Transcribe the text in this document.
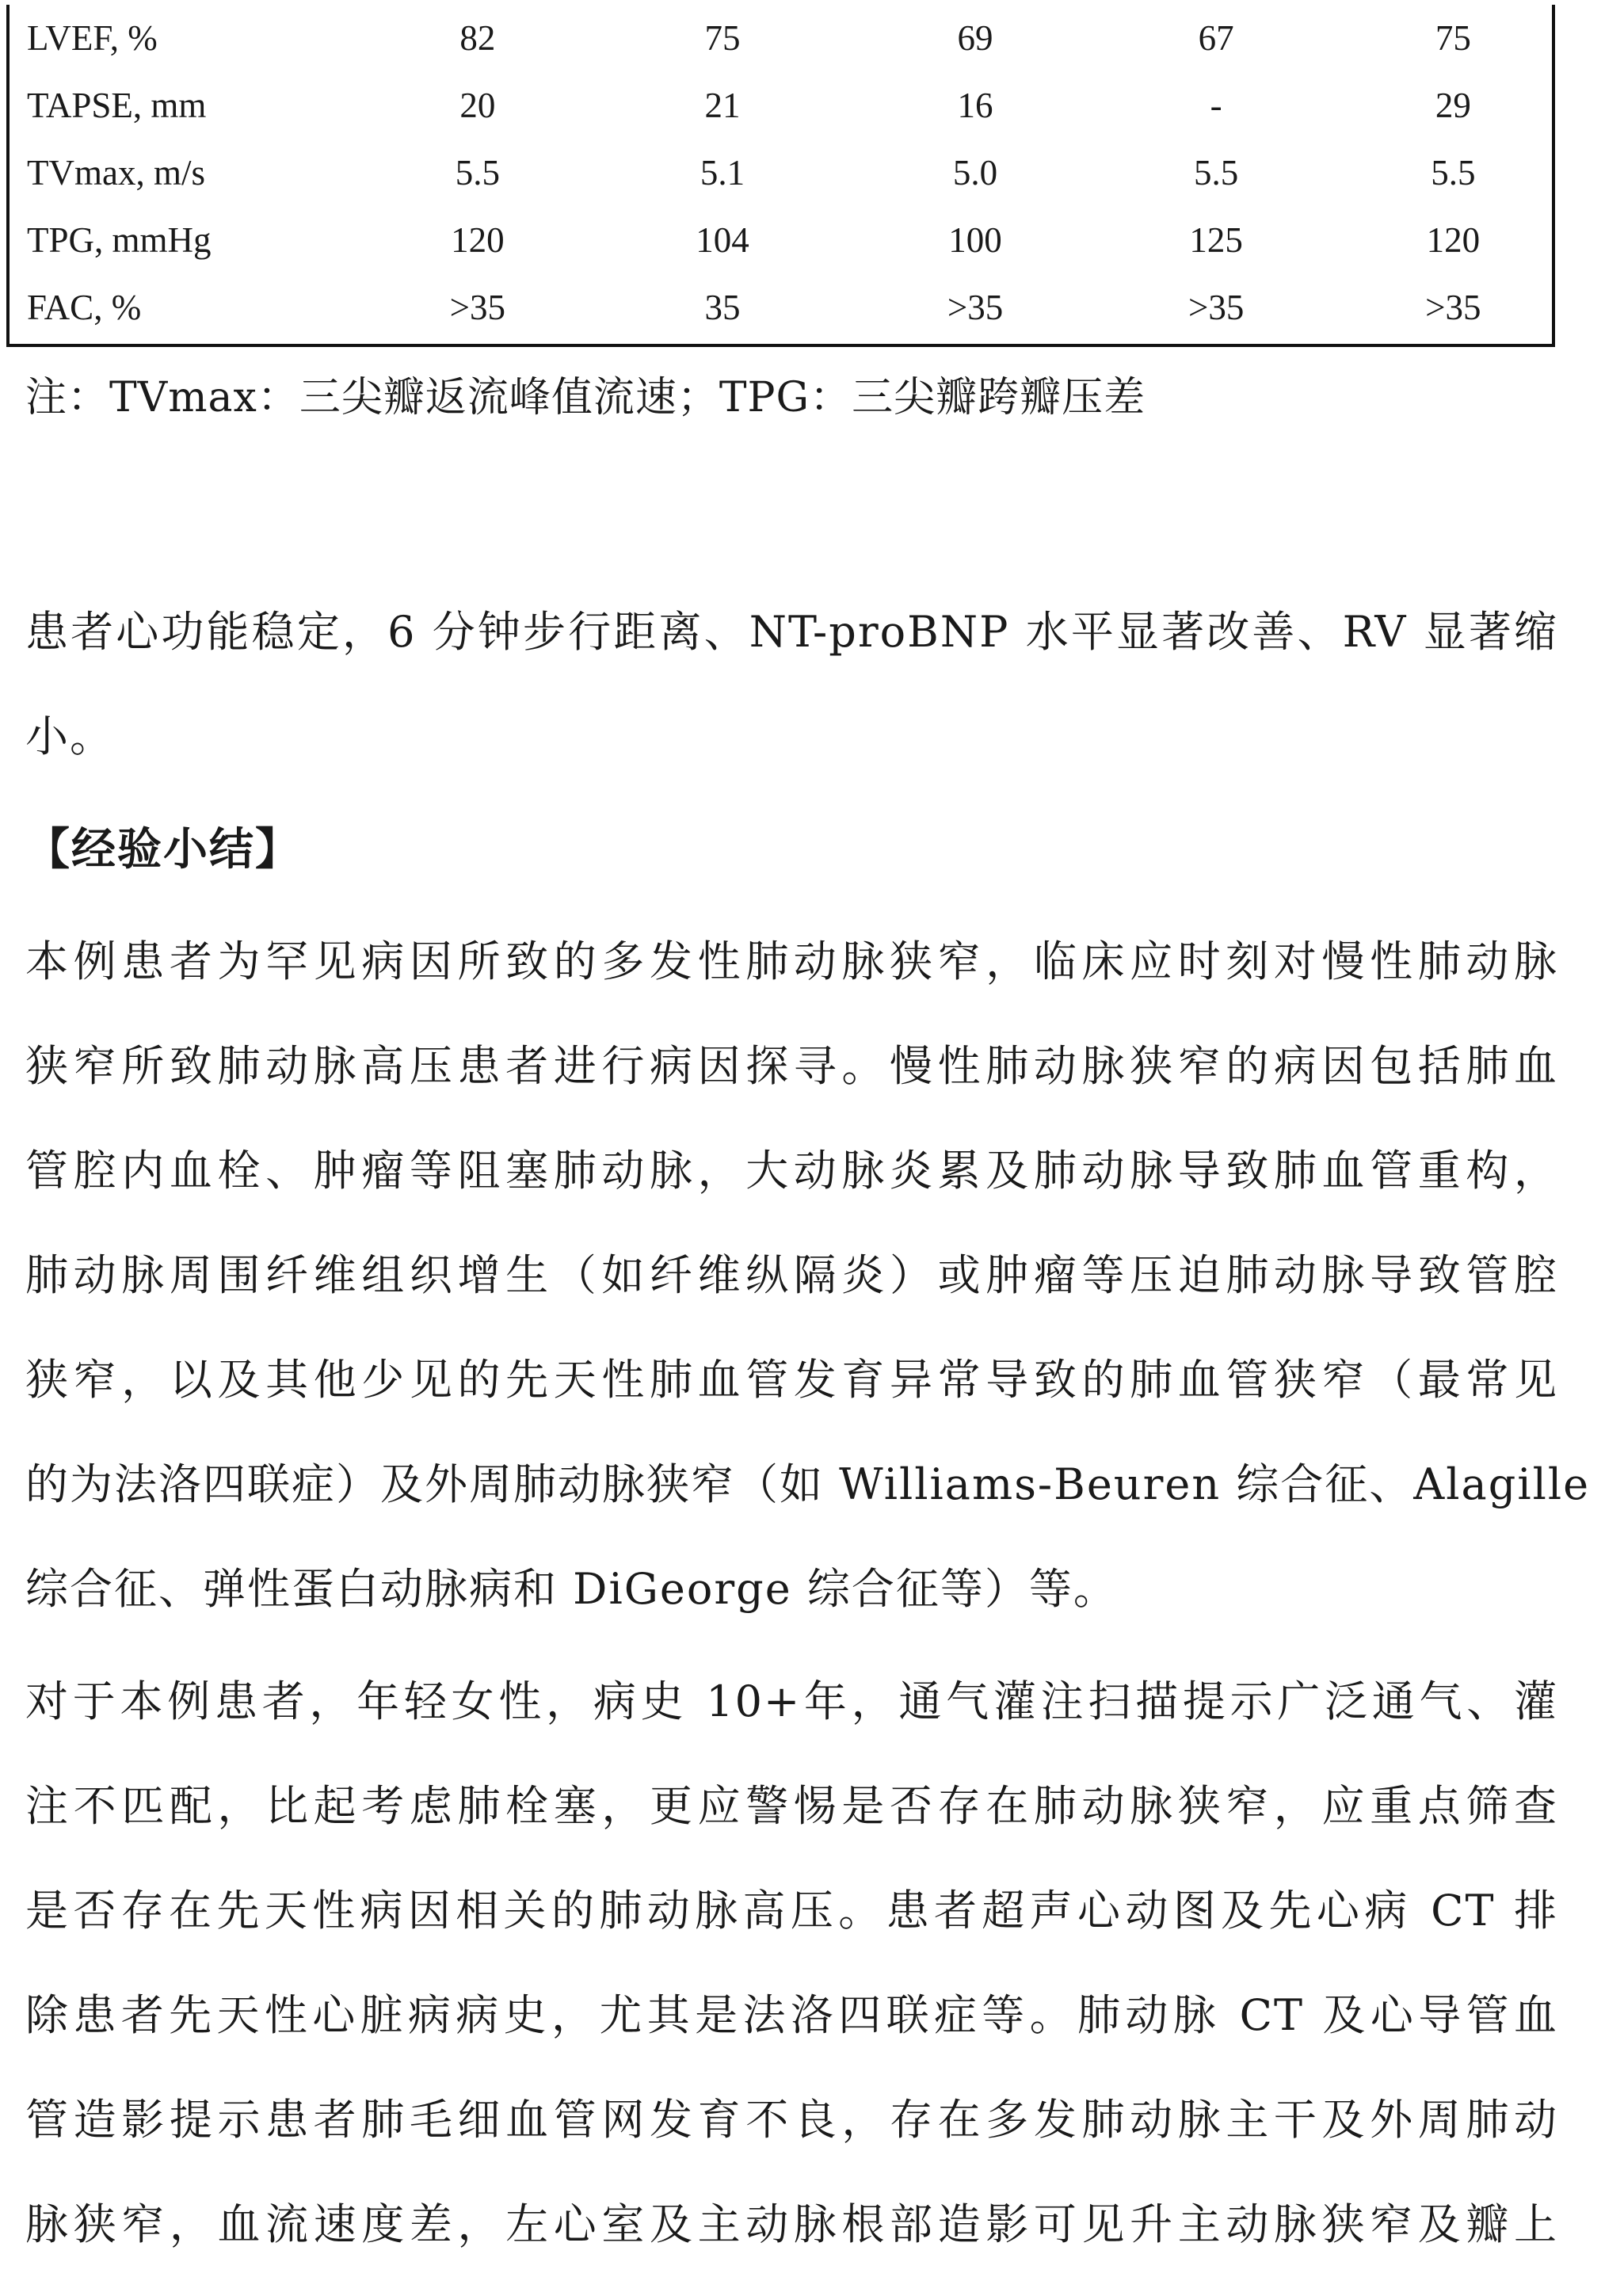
LVEF, %	82	75	69	67	75
TAPSE, mm	20	21	16	-	29
TVmax, m/s	5.5	5.1	5.0	5.5	5.5
TPG, mmHg	120	104	100	125	120
FAC, %	>35	35	>35	>35	>35
注：TVmax：三尖瓣返流峰值流速；TPG：三尖瓣跨瓣压差
患者心功能稳定，6 分钟步行距离、NT-proBNP 水平显著改善、RV 显著缩
小。
【经验小结】
本例患者为罕见病因所致的多发性肺动脉狭窄，临床应时刻对慢性肺动脉
狭窄所致肺动脉高压患者进行病因探寻。慢性肺动脉狭窄的病因包括肺血
管腔内血栓、肿瘤等阻塞肺动脉，大动脉炎累及肺动脉导致肺血管重构，
肺动脉周围纤维组织增生（如纤维纵隔炎）或肿瘤等压迫肺动脉导致管腔
狭窄，以及其他少见的先天性肺血管发育异常导致的肺血管狭窄（最常见
的为法洛四联症）及外周肺动脉狭窄（如 Williams-Beuren 综合征、Alagille
综合征、弹性蛋白动脉病和 DiGeorge 综合征等）等。
对于本例患者，年轻女性，病史 10+年，通气灌注扫描提示广泛通气、灌
注不匹配，比起考虑肺栓塞，更应警惕是否存在肺动脉狭窄，应重点筛查
是否存在先天性病因相关的肺动脉高压。患者超声心动图及先心病 CT 排
除患者先天性心脏病病史，尤其是法洛四联症等。肺动脉 CT 及心导管血
管造影提示患者肺毛细血管网发育不良，存在多发肺动脉主干及外周肺动
脉狭窄，血流速度差，左心室及主动脉根部造影可见升主动脉狭窄及瓣上
